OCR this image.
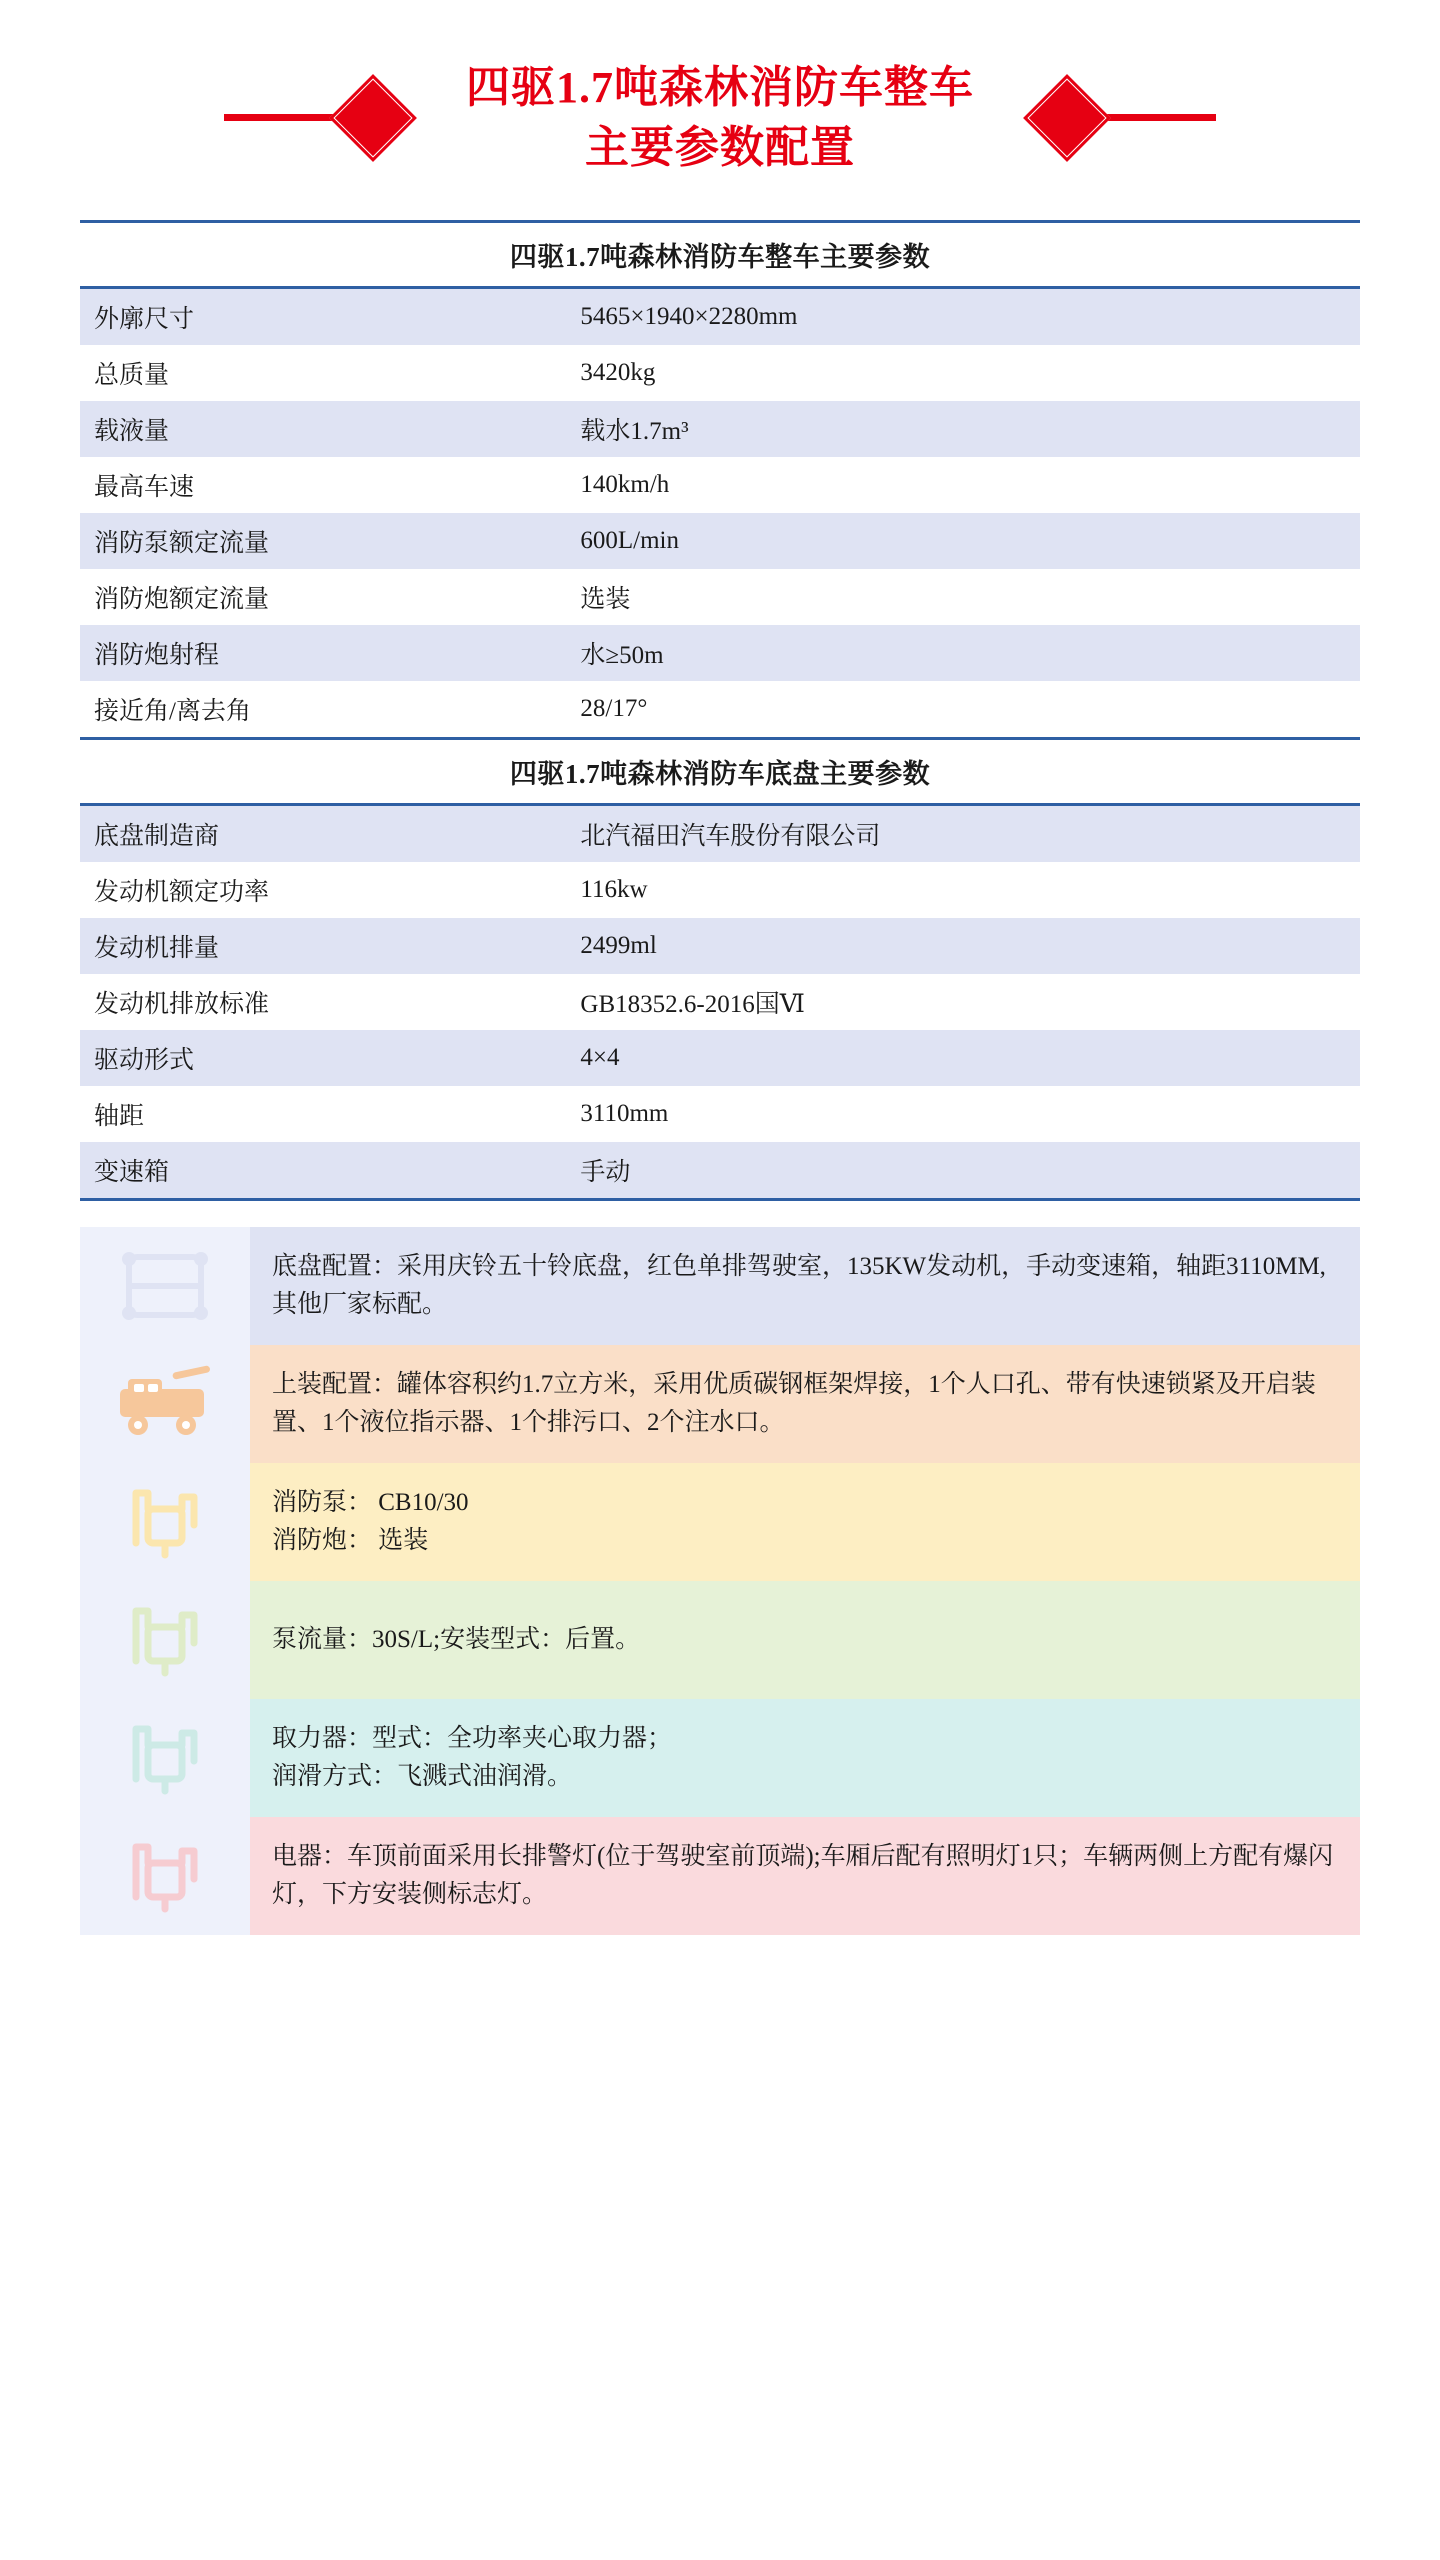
四驱1.7吨森林消防车整车
主要参数配置
四驱1.7吨森林消防车整车主要参数	
外廓尺寸	5465×1940×2280mm
总质量	3420kg
载液量	载水1.7m³
最高车速	140km/h
消防泵额定流量	600L/min
消防炮额定流量	选装
消防炮射程	水≥50m
接近角/离去角	28/17°
四驱1.7吨森林消防车底盘主要参数	
底盘制造商	北汽福田汽车股份有限公司
发动机额定功率	116kw
发动机排量	2499ml
发动机排放标准	GB18352.6-2016国Ⅵ
驱动形式	4×4
轴距	3110mm
变速箱	手动

底盘配置：采用庆铃五十铃底盘，红色单排驾驶室，135KW发动机，手动变速箱，轴距3110MM,其他厂家标配。

上装配置：罐体容积约1.7立方米，采用优质碳钢框架焊接，1个人口孔、带有快速锁紧及开启装置、1个液位指示器、1个排污口、2个注水口。

消防泵： CB10/30

消防炮： 选装

泵流量：30S/L;安装型式：后置。

取力器：型式：全功率夹心取力器；

润滑方式：飞溅式油润滑。

电器：车顶前面采用长排警灯(位于驾驶室前顶端);车厢后配有照明灯1只；车辆两侧上方配有爆闪灯，下方安装侧标志灯。
